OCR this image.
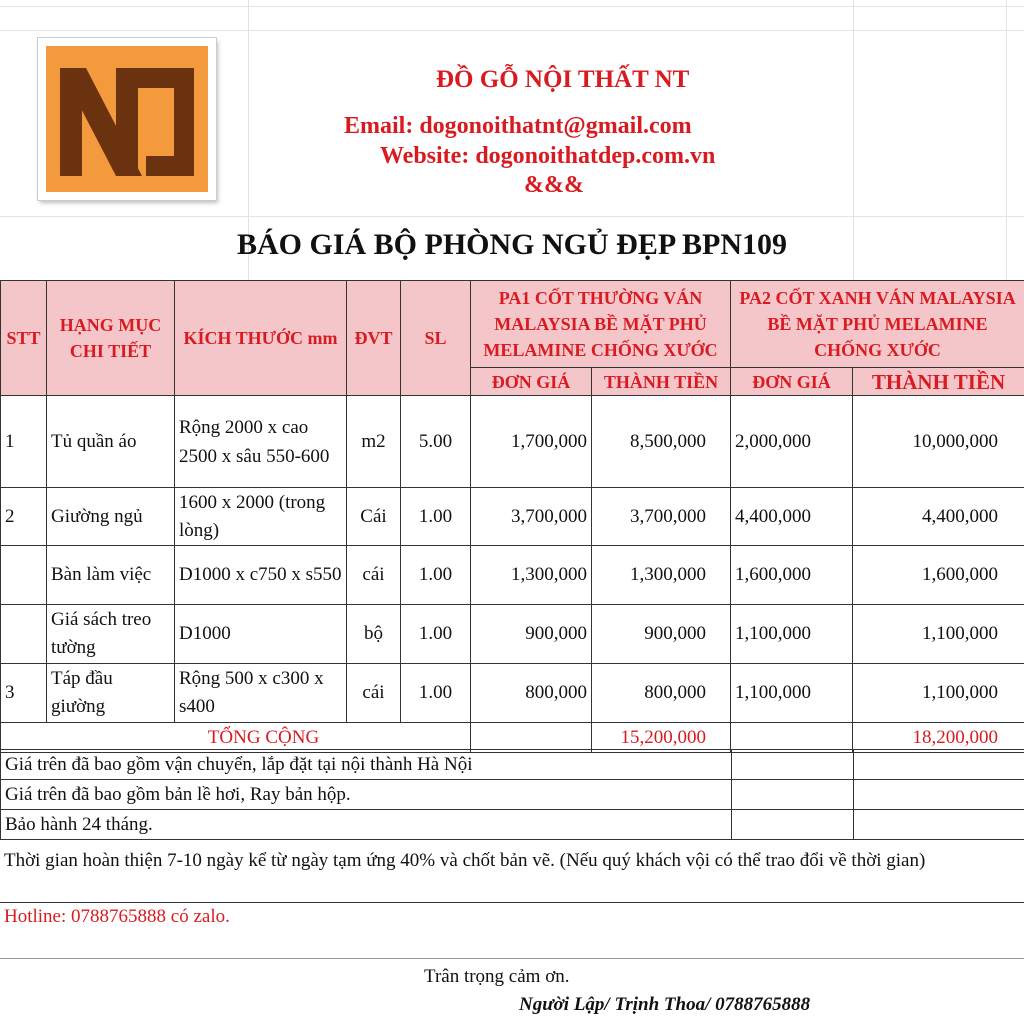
ĐỒ GỖ NỘI THẤT NT
Email: dogonoithatnt@gmail.com
Website: dogonoithatdep.com.vn
&&&
BÁO GIÁ BỘ PHÒNG NGỦ ĐẸP BPN109
STT	HẠNG MỤC CHI TIẾT	KÍCH THƯỚC mm	ĐVT	SL	PA1 CỐT THƯỜNG VÁN MALAYSIA BỀ MẶT PHỦ MELAMINE CHỐNG XƯỚC		PA2 CỐT XANH VÁN MALAYSIA BỀ MẶT PHỦ MELAMINE CHỐNG XƯỚC	
					ĐƠN GIÁ	THÀNH TIỀN	ĐƠN GIÁ	THÀNH TIỀN
1	Tủ quần áo	Rộng 2000 x cao 2500 x sâu 550-600	m2	5.00	1,700,000	8,500,000	2,000,000	10,000,000
2	Giường ngủ	1600 x 2000 (trong lòng)	Cái	1.00	3,700,000	3,700,000	4,400,000	4,400,000
	Bàn làm việc	D1000 x c750 x s550	cái	1.00	1,300,000	1,300,000	1,600,000	1,600,000
	Giá sách treo tường	D1000	bộ	1.00	900,000	900,000	1,100,000	1,100,000
3	Táp đầu giường	Rộng 500 x c300 x s400	cái	1.00	800,000	800,000	1,100,000	1,100,000
TỔNG CỘNG						15,200,000		18,200,000
Giá trên đã bao gồm vận chuyển, lắp đặt tại nội thành Hà Nội		
Giá trên đã bao gồm bản lề hơi, Ray bản hộp.		
Bảo hành 24 tháng.		
Thời gian hoàn thiện 7-10 ngày kể từ ngày tạm ứng 40% và chốt bản vẽ. (Nếu quý khách vội có thể trao đổi về thời gian)
Hotline: 0788765888 có zalo.
Trân trọng cảm ơn.
Người Lập/ Trịnh Thoa/ 0788765888
